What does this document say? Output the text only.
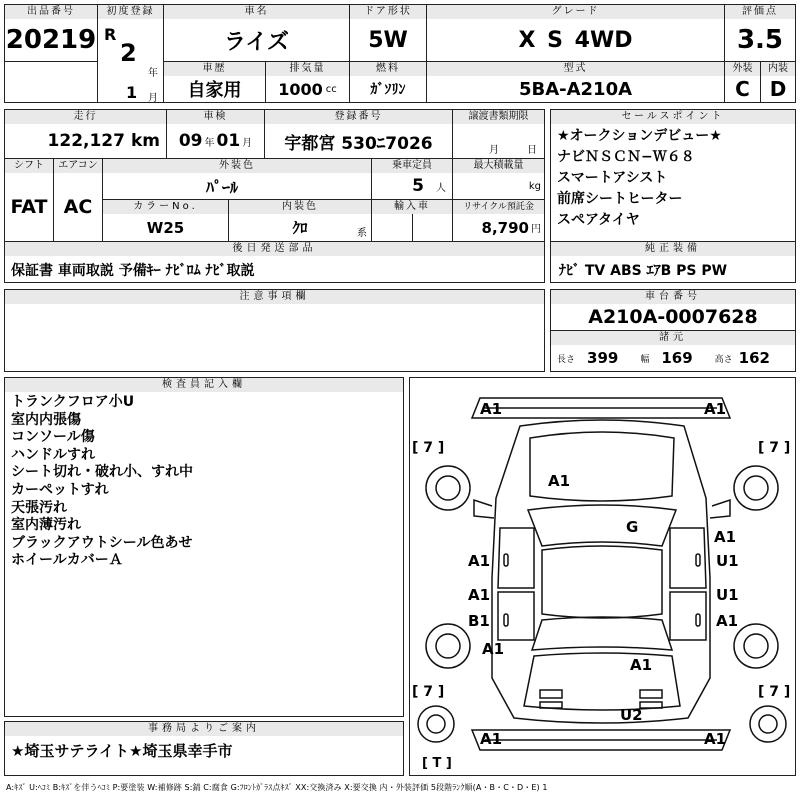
出品番号
20219
初度登録
R
2
年
1 月
車名
ライズ
ドア形状
5W
グレード
X S 4WD
評価点
3.5
車歴
自家用
排気量
1000 cc
燃料
ｶﾞｿﾘﾝ
型式
5BA-A210A
外装
C
内装
D
走行
122,127 km
車検
09 年 01 月
登録番号
宇都宮 530ﾆ7026
譲渡書類期限
月	日
シフト
FAT
エアコン
AC
外装色
ﾊﾟｰﾙ
乗車定員
5 人
最大積載量
kg
カラーNo.
W25
内装色
ｸﾛ	系
輸入車	リサイクル預託金
8,790 円
後日発送部品
保証書 車両取説 予備ｷｰ ﾅﾋﾞﾛﾑ ﾅﾋﾞ取説
セールスポイント
★オークションデビュー★
ナビＮＳＣＮ−Ｗ６８
スマートアシスト
前席シートヒーター
スペアタイヤ
純正装備
ﾅﾋﾞ TV ABS ｴｱB PS PW
注意事項欄	車台番号
A210A-0007628
諸元
長さ 399 幅 169 高さ 162
検査員記入欄
トランクフロア小U
室内内張傷
コンソール傷
ハンドルすれ
シート切れ・破れ小、すれ中
カーペットすれ
天張汚れ
室内薄汚れ
ブラックアウトシール色あせ
ホイールカバーＡ
事務局よりご案内
★埼玉サテライト★埼玉県幸手市
A1	A1
A1
G
A1
A1	U1
A1	U1
B1	A1
A1
A1
U2
A1	A1
[ 7 ]	[ 7 ]
[ 7 ]	[ 7 ]
[ T ]
A:ｷｽﾞ U:ﾍｺﾐ B:ｷｽﾞを伴うﾍｺﾐ P:要塗装 W:補修跡 S:錆 C:腐食 G:ﾌﾛﾝﾄｶﾞﾗｽ点ｷｽﾞ XX:交換済み X:要交換 内・外装評価 5段階ﾗﾝｸ順(A・B・C・D・E) 1
